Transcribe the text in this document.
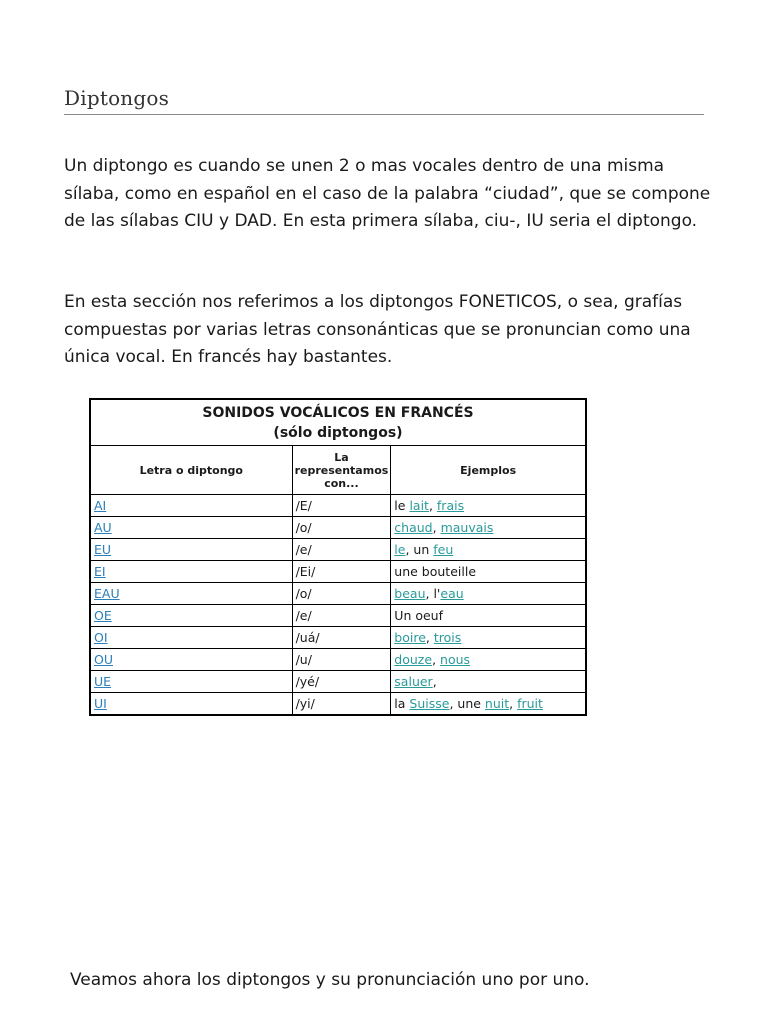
Diptongos

Un diptongo es cuando se unen 2 o mas vocales dentro de una misma sílaba, como en español en el caso de la palabra “ciudad”, que se compone de las sílabas CIU y DAD. En esta primera sílaba, ciu-, IU seria el diptongo.

En esta sección nos referimos a los diptongos FONETICOS, o sea, grafías compuestas por varias letras consonánticas que se pronuncian como una única vocal. En francés hay bastantes.

SONIDOS VOCÁLICOS EN FRANCÉS
(sólo diptongos)		

Letra o diptongo	La representamos con...	Ejemplos
AI	/E/	le lait, frais
AU	/o/	chaud, mauvais
EU	/e/	le, un feu
EI	/Ei/	une bouteille
EAU	/o/	beau, l'eau
OE	/e/	Un oeuf
OI	/uá/	boire, trois
OU	/u/	douze, nous
UE	/yé/	saluer,
UI	/yi/	la Suisse, une nuit, fruit

Veamos ahora los diptongos y su pronunciación uno por uno.
